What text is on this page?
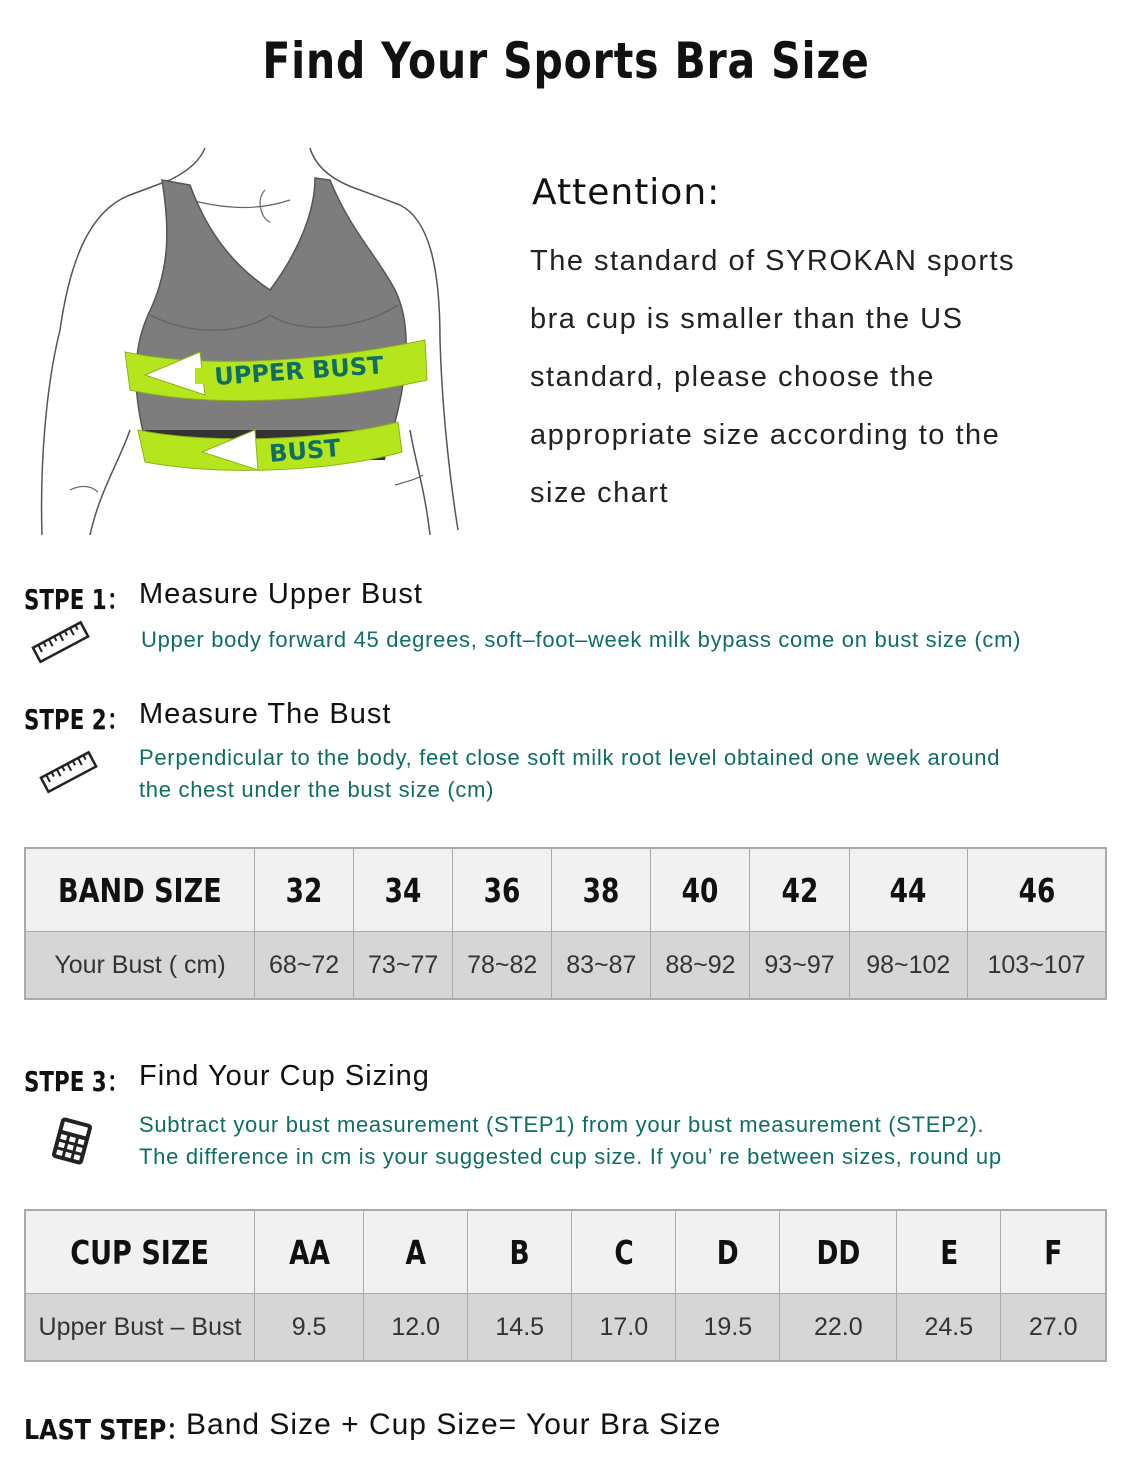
Find Your Sports Bra Size
UPPER BUST
BUST
Attention:
The standard of SYROKAN sports
bra cup is smaller than the US
standard, please choose the
appropriate size according to the
size chart
STPE 1： Measure Upper Bust
Upper body forward 45 degrees, soft–foot–week milk bypass come on bust size (cm)
STPE 2： Measure The Bust
Perpendicular to the body, feet close soft milk root level obtained one week around
the chest under the bust size (cm)
BAND SIZE	32	34	36	38	40	42	44	46
Your Bust ( cm)	68~72	73~77	78~82	83~87	88~92	93~97	98~102	103~107
STPE 3： Find Your Cup Sizing
Subtract your bust measurement (STEP1) from your bust measurement (STEP2).
The difference in cm is your suggested cup size. If you’ re between sizes, round up
CUP SIZE	AA	A	B	C	D	DD	E	F
Upper Bust – Bust	9.5	12.0	14.5	17.0	19.5	22.0	24.5	27.0
LAST STEP：
Band Size + Cup Size= Your Bra Size
